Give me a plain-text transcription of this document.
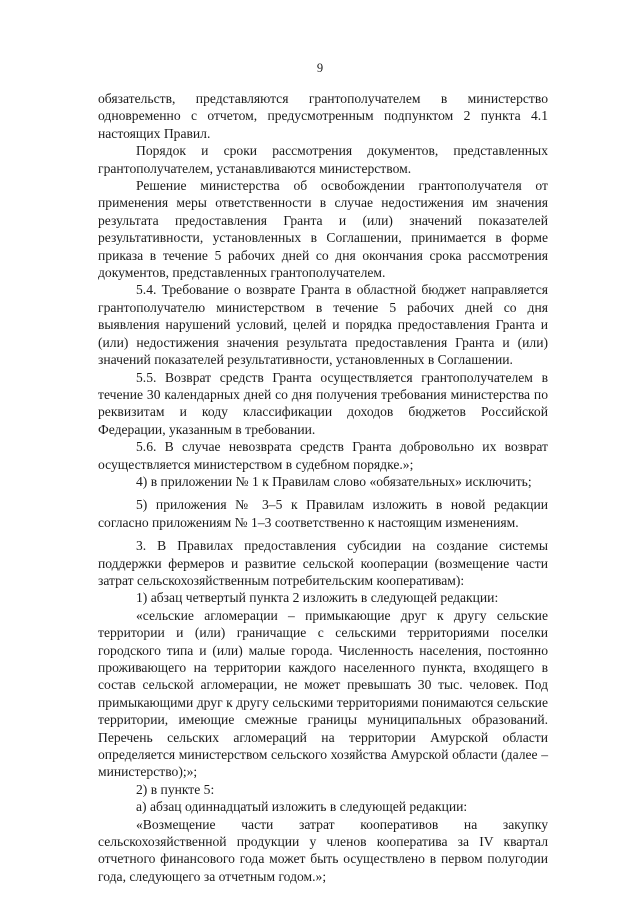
9

обязательств, представляются грантополучателем в министерство одновременно с отчетом, предусмотренным подпунктом 2 пункта 4.1 настоящих Правил.

Порядок и сроки рассмотрения документов, представленных грантополучателем, устанавливаются министерством.

Решение министерства об освобождении грантополучателя от применения меры ответственности в случае недостижения им значения результата предоставления Гранта и (или) значений показателей результативности, установленных в Соглашении, принимается в форме приказа в течение 5 рабочих дней со дня окончания срока рассмотрения документов, представленных грантополучателем.

5.4. Требование о возврате Гранта в областной бюджет направляется грантополучателю министерством в течение 5 рабочих дней со дня выявления нарушений условий, целей и порядка предоставления Гранта и (или) недостижения значения результата предоставления Гранта и (или) значений показателей результативности, установленных в Соглашении.

5.5. Возврат средств Гранта осуществляется грантополучателем в течение 30 календарных дней со дня получения требования министерства по реквизитам и коду классификации доходов бюджетов Российской Федерации, указанным в требовании.

5.6. В случае невозврата средств Гранта добровольно их возврат осуществляется министерством в судебном порядке.»;

4) в приложении № 1 к Правилам слово «обязательных» исключить;

5) приложения № 3–5 к Правилам изложить в новой редакции согласно приложениям № 1–3 соответственно к настоящим изменениям.

3. В Правилах предоставления субсидии на создание системы поддержки фермеров и развитие сельской кооперации (возмещение части затрат сельскохозяйственным потребительским кооперативам):

1) абзац четвертый пункта 2 изложить в следующей редакции:

«сельские агломерации – примыкающие друг к другу сельские территории и (или) граничащие с сельскими территориями поселки городского типа и (или) малые города. Численность населения, постоянно проживающего на территории каждого населенного пункта, входящего в состав сельской агломерации, не может превышать 30 тыс. человек. Под примыкающими друг к другу сельскими территориями понимаются сельские территории, имеющие смежные границы муниципальных образований. Перечень сельских агломераций на территории Амурской области определяется министерством сельского хозяйства Амурской области (далее – министерство);»;

2) в пункте 5:

а) абзац одиннадцатый изложить в следующей редакции:

«Возмещение части затрат кооперативов на закупку сельскохозяйственной продукции у членов кооператива за IV квартал отчетного финансового года может быть осуществлено в первом полугодии года, следующего за отчетным годом.»;
